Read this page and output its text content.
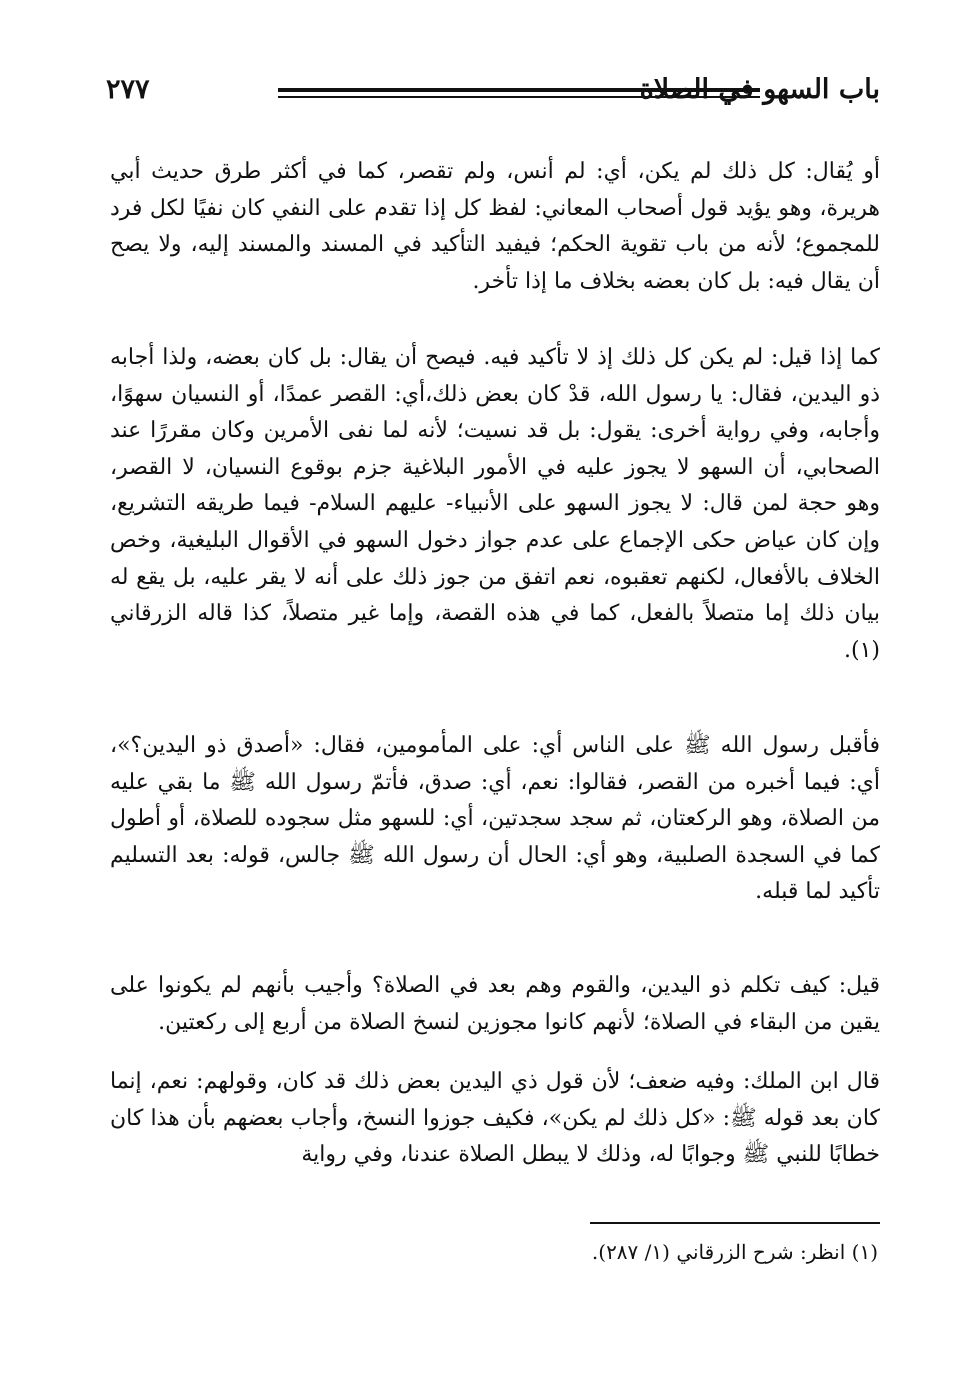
٢٧٧	باب السهو في الصلاة

أو يُقال: كل ذلك لم يكن، أي: لم أنس، ولم تقصر، كما في أكثر طرق حديث أبي هريرة، وهو يؤيد قول أصحاب المعاني: لفظ كل إذا تقدم على النفي كان نفيًا لكل فرد للمجموع؛ لأنه من باب تقوية الحكم؛ فيفيد التأكيد في المسند والمسند إليه، ولا يصح أن يقال فيه: بل كان بعضه بخلاف ما إذا تأخر.

كما إذا قيل: لم يكن كل ذلك إذ لا تأكيد فيه. فيصح أن يقال: بل كان بعضه، ولذا أجابه ذو اليدين، فقال: يا رسول الله، قدْ كان بعض ذلك،أي: القصر عمدًا، أو النسيان سهوًا، وأجابه، وفي رواية أخرى: يقول: بل قد نسيت؛ لأنه لما نفى الأمرين وكان مقررًا عند الصحابي، أن السهو لا يجوز عليه في الأمور البلاغية جزم بوقوع النسيان، لا القصر، وهو حجة لمن قال: لا يجوز السهو على الأنبياء- عليهم السلام- فيما طريقه التشريع، وإن كان عياض حكى الإجماع على عدم جواز دخول السهو في الأقوال البليغية، وخص الخلاف بالأفعال، لكنهم تعقبوه، نعم اتفق من جوز ذلك على أنه لا يقر عليه، بل يقع له بيان ذلك إما متصلاً بالفعل، كما في هذه القصة، وإما غير متصلاً، كذا قاله الزرقاني (١).

فأقبل رسول الله ﷺ على الناس أي: على المأمومين، فقال: «أصدق ذو اليدين؟»، أي: فيما أخبره من القصر، فقالوا: نعم، أي: صدق، فأتمّ رسول الله ﷺ ما بقي عليه من الصلاة، وهو الركعتان، ثم سجد سجدتين، أي: للسهو مثل سجوده للصلاة، أو أطول كما في السجدة الصلبية، وهو أي: الحال أن رسول الله ﷺ جالس، قوله: بعد التسليم تأكيد لما قبله.

قيل: كيف تكلم ذو اليدين، والقوم وهم بعد في الصلاة؟ وأجيب بأنهم لم يكونوا على يقين من البقاء في الصلاة؛ لأنهم كانوا مجوزين لنسخ الصلاة من أربع إلى ركعتين.

قال ابن الملك: وفيه ضعف؛ لأن قول ذي اليدين بعض ذلك قد كان، وقولهم: نعم، إنما كان بعد قوله ﷺ: «كل ذلك لم يكن»، فكيف جوزوا النسخ، وأجاب بعضهم بأن هذا كان خطابًا للنبي ﷺ وجوابًا له، وذلك لا يبطل الصلاة عندنا، وفي رواية

(١) انظر: شرح الزرقاني (١/ ٢٨٧).
